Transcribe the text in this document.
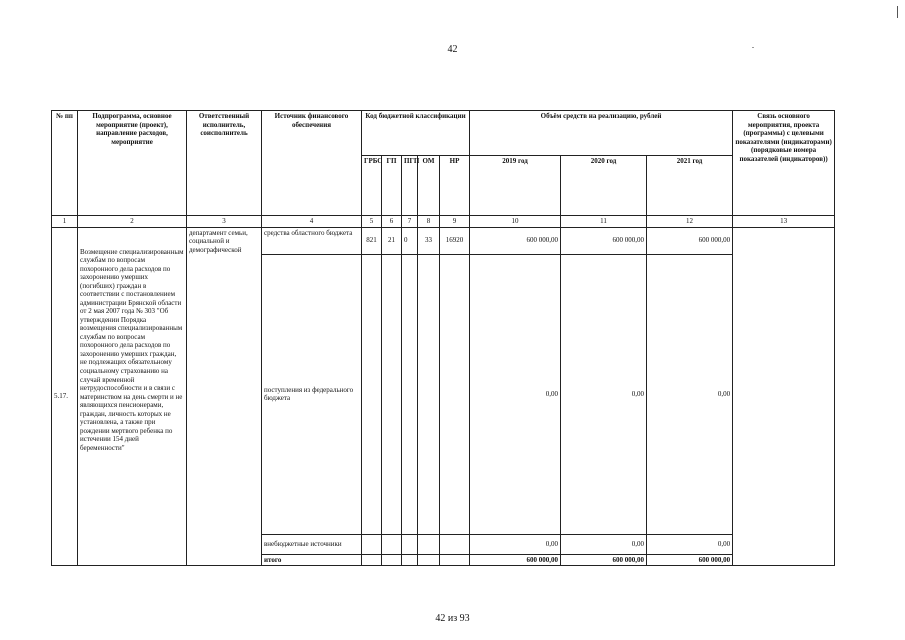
42
№ пп	Подпрограмма, основное мероприятие (проект), направление расходов, мероприятие	Ответственный исполнитель, соисполнитель	Источник финансового обеспечения	Код бюджетной классификации					Объём средств на реализацию, рублей			Связь основного мероприятия, проекта (программы) с целевыми показателями (индикаторами) (порядковые номера показателей (индикаторов))
				ГРБС	ГП	ПГП	ОМ	НР	2019 год	2020 год	2021 год	
1	2	3	4	5	6	7	8	9	10	11	12	13
5.17.	Возмещение специализированным службам по вопросам похоронного дела расходов по захоронению умерших (погибших) граждан в соответствии с постановлением администрации Брянской области от 2 мая 2007 года № 303 "Об утверждении Порядка возмещения специализированным службам по вопросам похоронного дела расходов по захоронению умерших граждан, не подлежащих обязательному социальному страхованию на случай временной нетрудоспособности и в связи с материнством на день смерти и не являющихся пенсионерами, граждан, личность которых не установлена, а также при рождении мертвого ребенка по истечении 154 дней беременности"	департамент семьи, социальной и демографической	средства областного бюджета	821	21	0	33	16920	600 000,00	600 000,00	600 000,00	
			поступления из федерального бюджета						0,00	0,00	0,00	
			внебюджетные источники						0,00	0,00	0,00	
			итого						600 000,00	600 000,00	600 000,00	
42 из 93
